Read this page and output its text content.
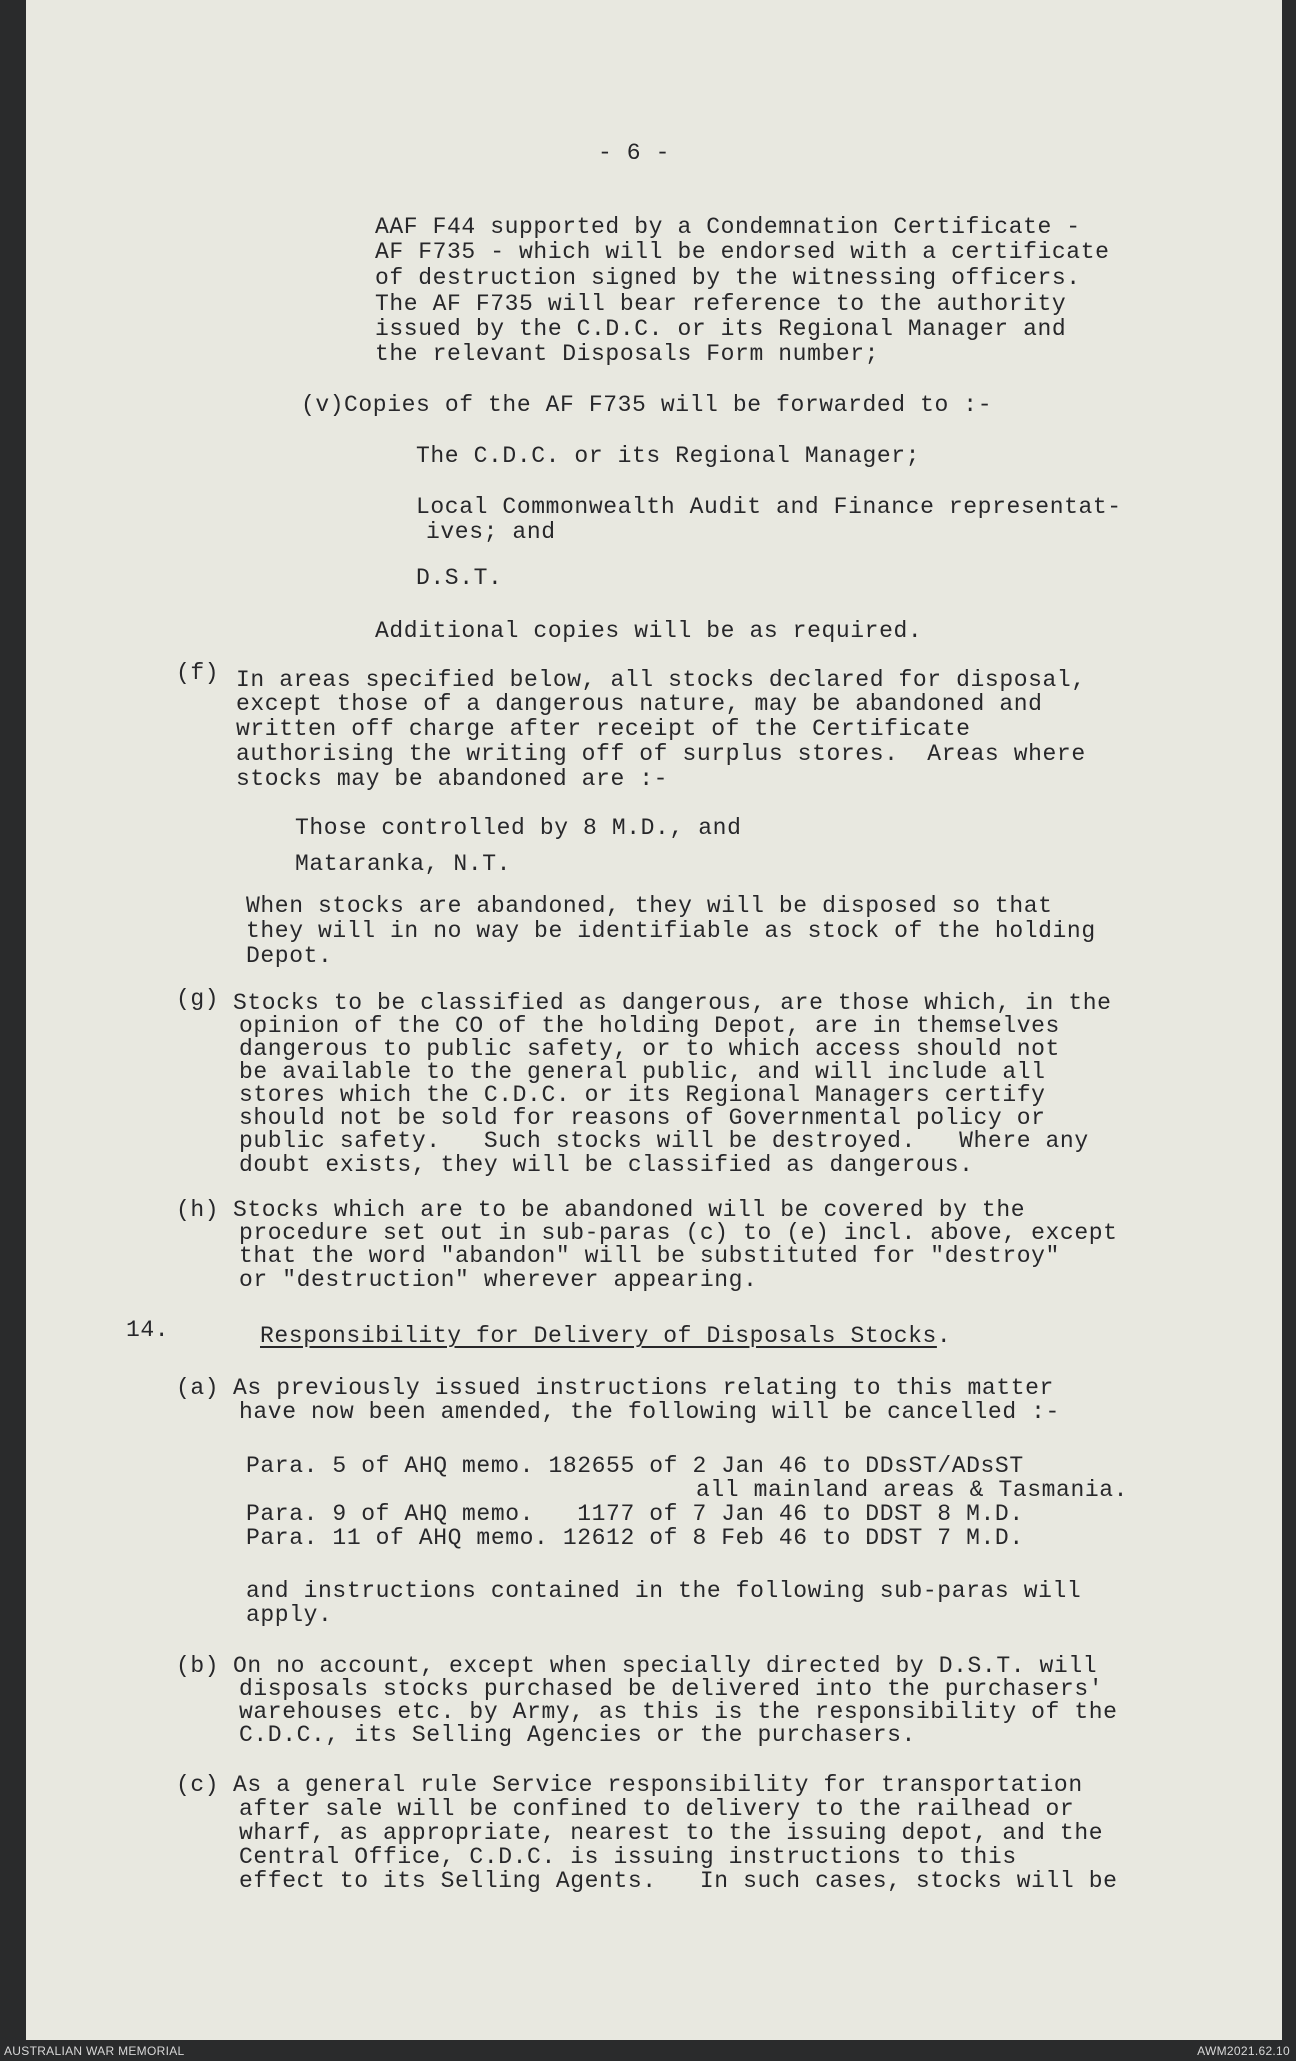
- 6 -
AAF F44 supported by a Condemnation Certificate -
AF F735 - which will be endorsed with a certificate
of destruction signed by the witnessing officers.
The AF F735 will bear reference to the authority
issued by the C.D.C. or its Regional Manager and
the relevant Disposals Form number;
(v) Copies of the AF F735 will be forwarded to :-
The C.D.C. or its Regional Manager;
Local Commonwealth Audit and Finance representat-
ives; and
D.S.T.
Additional copies will be as required.
(f) In areas specified below, all stocks declared for disposal,
except those of a dangerous nature, may be abandoned and
written off charge after receipt of the Certificate
authorising the writing off of surplus stores.  Areas where
stocks may be abandoned are :-
Those controlled by 8 M.D., and
Mataranka, N.T.
When stocks are abandoned, they will be disposed so that
they will in no way be identifiable as stock of the holding
Depot.
(g) Stocks to be classified as dangerous, are those which, in the
opinion of the CO of the holding Depot, are in themselves
dangerous to public safety, or to which access should not
be available to the general public, and will include all
stores which the C.D.C. or its Regional Managers certify
should not be sold for reasons of Governmental policy or
public safety.   Such stocks will be destroyed.   Where any
doubt exists, they will be classified as dangerous.
(h) Stocks which are to be abandoned will be covered by the
procedure set out in sub-paras (c) to (e) incl. above, except
that the word "abandon" will be substituted for "destroy"
or "destruction" wherever appearing.
14.	Responsibility for Delivery of Disposals Stocks.
(a) As previously issued instructions relating to this matter
have now been amended, the following will be cancelled :-
Para. 5 of AHQ memo. 182655 of 2 Jan 46 to DDsST/ADsST
all mainland areas & Tasmania.
Para. 9 of AHQ memo.   1177 of 7 Jan 46 to DDST 8 M.D.
Para. 11 of AHQ memo. 12612 of 8 Feb 46 to DDST 7 M.D.
and instructions contained in the following sub-paras will
apply.
(b) On no account, except when specially directed by D.S.T. will
disposals stocks purchased be delivered into the purchasers'
warehouses etc. by Army, as this is the responsibility of the
C.D.C., its Selling Agencies or the purchasers.
(c) As a general rule Service responsibility for transportation
after sale will be confined to delivery to the railhead or
wharf, as appropriate, nearest to the issuing depot, and the
Central Office, C.D.C. is issuing instructions to this
effect to its Selling Agents.   In such cases, stocks will be
AUSTRALIAN WAR MEMORIAL	AWM2021.62.10
